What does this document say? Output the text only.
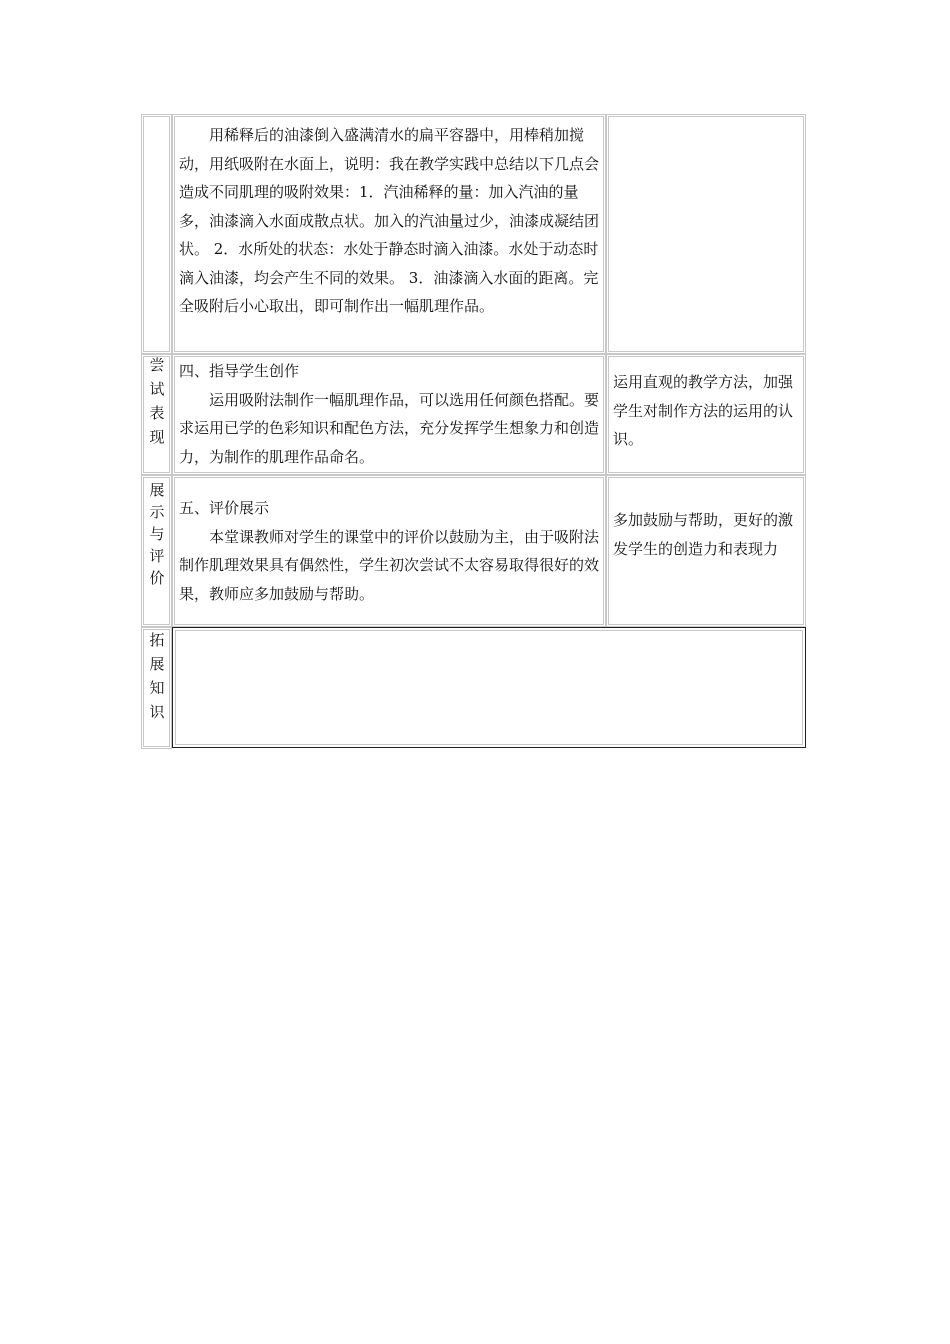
用稀释后的油漆倒入盛满清水的扁平容器中，用棒稍加搅动，用纸吸附在水面上，说明：我在教学实践中总结以下几点会造成不同肌理的吸附效果：1．汽油稀释的量：加入汽油的量多，油漆滴入水面成散点状。加入的汽油量过少，油漆成凝结团状。 2．水所处的状态：水处于静态时滴入油漆。水处于动态时滴入油漆，均会产生不同的效果。 3．油漆滴入水面的距离。完全吸附后小心取出，即可制作出一幅肌理作品。

尝试表现 四、指导学生创作

运用吸附法制作一幅肌理作品，可以选用任何颜色搭配。要求运用已学的色彩知识和配色方法，充分发挥学生想象力和创造力，为制作的肌理作品命名。

运用直观的教学方法，加强学生对制作方法的运用的认识。

展示与评价 五、评价展示

本堂课教师对学生的课堂中的评价以鼓励为主，由于吸附法制作肌理效果具有偶然性，学生初次尝试不太容易取得很好的效果，教师应多加鼓励与帮助。

多加鼓励与帮助，更好的激发学生的创造力和表现力

拓展知识
